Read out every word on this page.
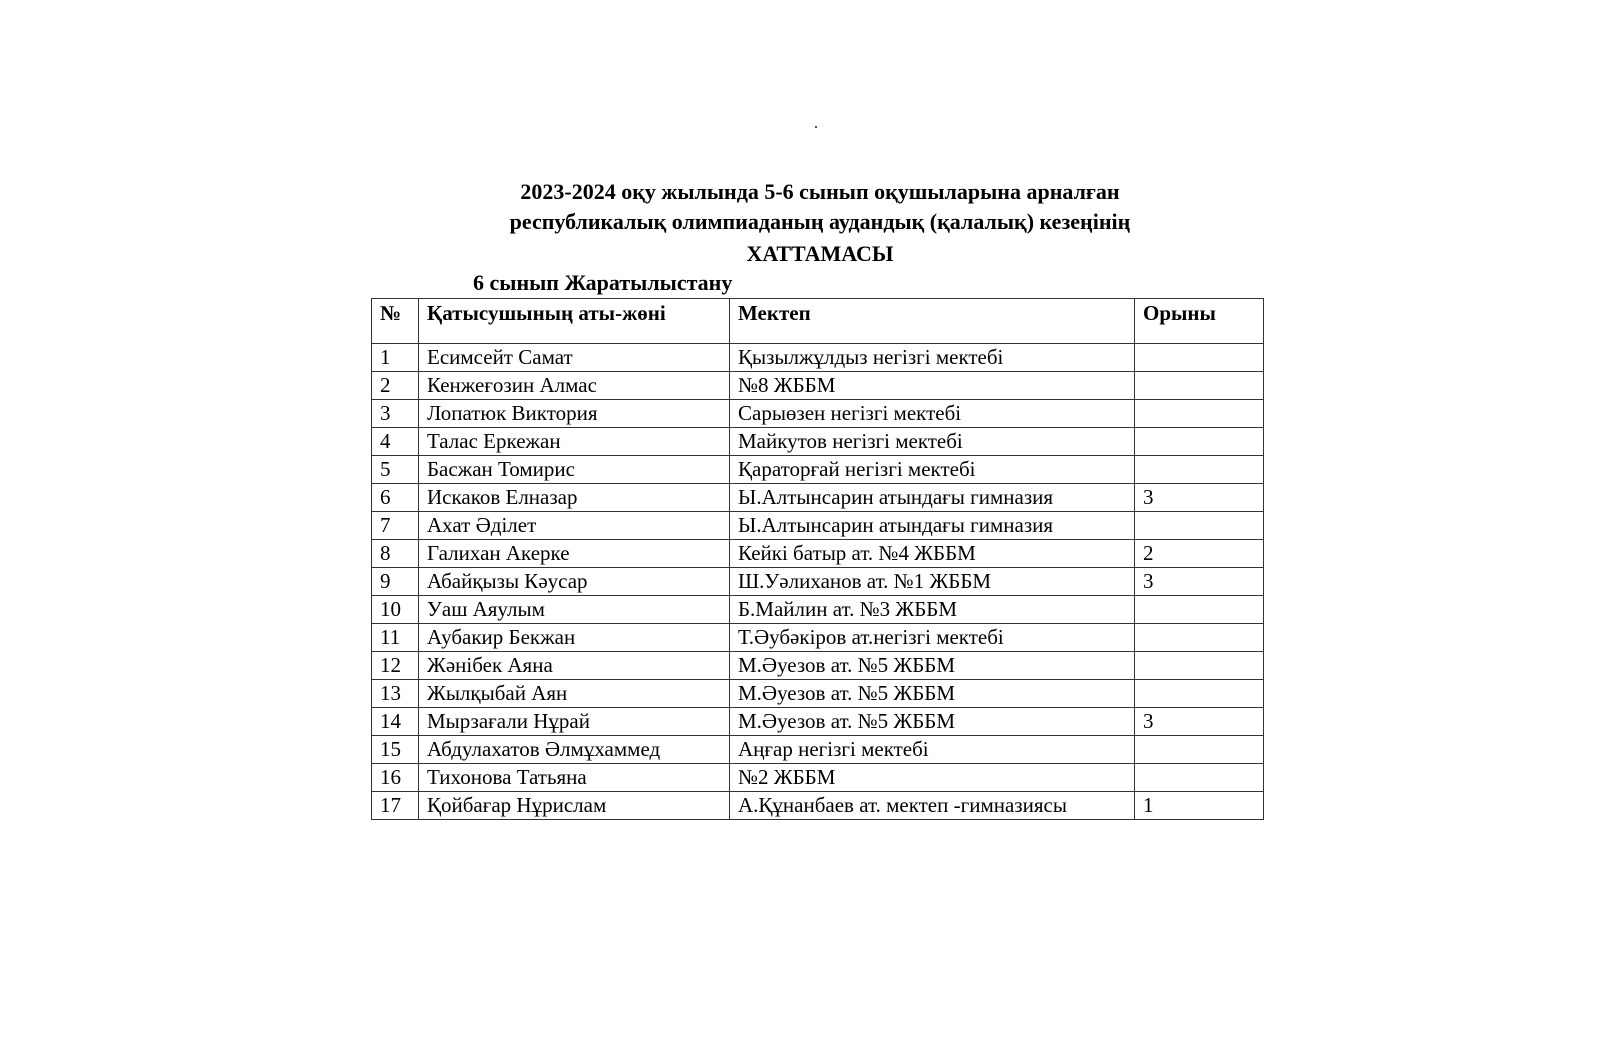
2023-2024 оқу жылында 5-6 сынып оқушыларына арналған
республикалық олимпиаданың аудандық (қалалық) кезеңінің
ХАТТАМАСЫ
6 сынып Жаратылыстану
№	Қатысушының аты-жөні	Мектеп	Орыны
1	Есимсейт Самат	Қызылжұлдыз негізгі мектебі	
2	Кенжеғозин Алмас	№8 ЖББМ	
3	Лопатюк Виктория	Сарыөзен негізгі мектебі	
4	Талас Еркежан	Майкутов негізгі мектебі	
5	Басжан Томирис	Қараторғай негізгі мектебі	
6	Искаков Елназар	Ы.Алтынсарин атындағы гимназия	3
7	Ахат Әділет	Ы.Алтынсарин атындағы гимназия	
8	Галихан Акерке	Кейкі батыр ат. №4 ЖББМ	2
9	Абайқызы Кәусар	Ш.Уәлиханов ат. №1 ЖББМ	3
10	Уаш Аяулым	Б.Майлин ат. №3 ЖББМ	
11	Аубакир Бекжан	Т.Әубәкіров ат.негізгі мектебі	
12	Жәнібек Аяна	М.Әуезов ат. №5 ЖББМ	
13	Жылқыбай Аян	М.Әуезов ат. №5 ЖББМ	
14	Мырзағали Нұрай	М.Әуезов ат. №5 ЖББМ	3
15	Абдулахатов Әлмұхаммед	Аңғар негізгі мектебі	
16	Тихонова Татьяна	№2 ЖББМ	
17	Қойбағар Нұрислам	А.Құнанбаев ат. мектеп -гимназиясы	1
